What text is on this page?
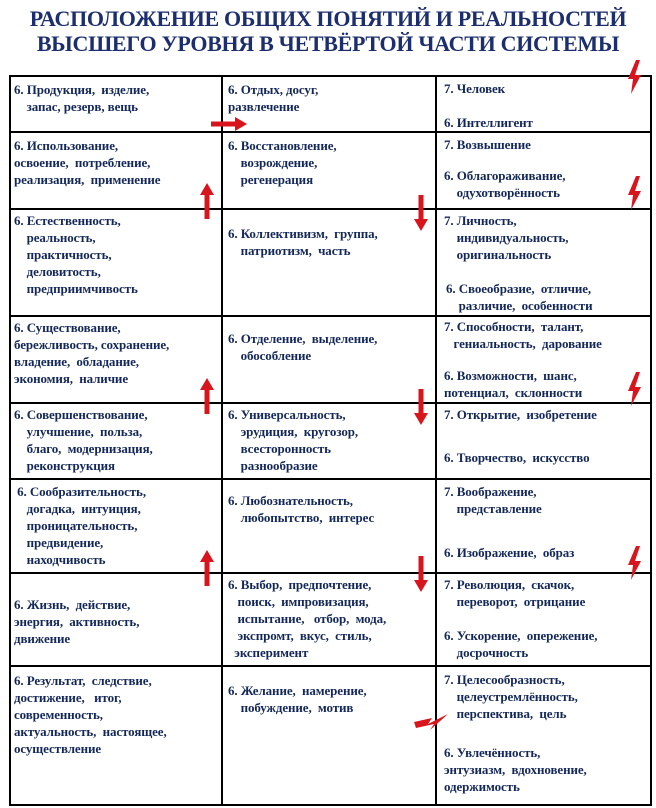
РАСПОЛОЖЕНИЕ ОБЩИХ ПОНЯТИЙ И РЕАЛЬНОСТЕЙ
ВЫСШЕГО УРОВНЯ В ЧЕТВЁРТОЙ ЧАСТИ СИСТЕМЫ
6. Продукция,  изделие,
запас, резерв, вещь
6. Отдых, досуг,
развлечение
7. Человек
6. Интеллигент
6. Использование,
освоение,  потребление,
реализация,  применение
6. Восстановление,
возрождение,
регенерация
7. Возвышение
6. Облагораживание,
одухотворённость
6. Естественность,
реальность,
практичность,
деловитость,
предприимчивость
6. Коллективизм,  группа,
патриотизм,  часть
7. Личность,
индивидуальность,
оригинальность
6. Своеобразие,  отличие,
различие,  особенности
6. Существование,
бережливость, сохранение,
владение,  обладание,
экономия,  наличие
6. Отделение,  выделение,
обособление
7. Способности,  талант,
гениальность,  дарование
6. Возможности,  шанс,
потенциал,  склонности
6. Совершенствование,
улучшение,  польза,
благо,  модернизация,
реконструкция
6. Универсальность,
эрудиция,  кругозор,
всесторонность
разнообразие
7. Открытие,  изобретение
6. Творчество,  искусство
6. Сообразительность,
догадка,  интуиция,
проницательность,
предвидение,
находчивость
6. Любознательность,
любопытство,  интерес
7. Воображение,
представление
6. Изображение,  образ
6. Жизнь,  действие,
энергия,  активность,
движение
6. Выбор,  предпочтение,
поиск,  импровизация,
испытание,   отбор,  мода,
экспромт,  вкус,  стиль,
эксперимент
7. Революция,  скачок,
переворот,  отрицание
6. Ускорение,  опережение,
досрочность
6. Результат,  следствие,
достижение,   итог,
современность,
актуальность,  настоящее,
осуществление
6. Желание,  намерение,
побуждение,  мотив
7. Целесообразность,
целеустремлённость,
перспектива,  цель
6. Увлечённость,
энтузиазм,  вдохновение,
одержимость
